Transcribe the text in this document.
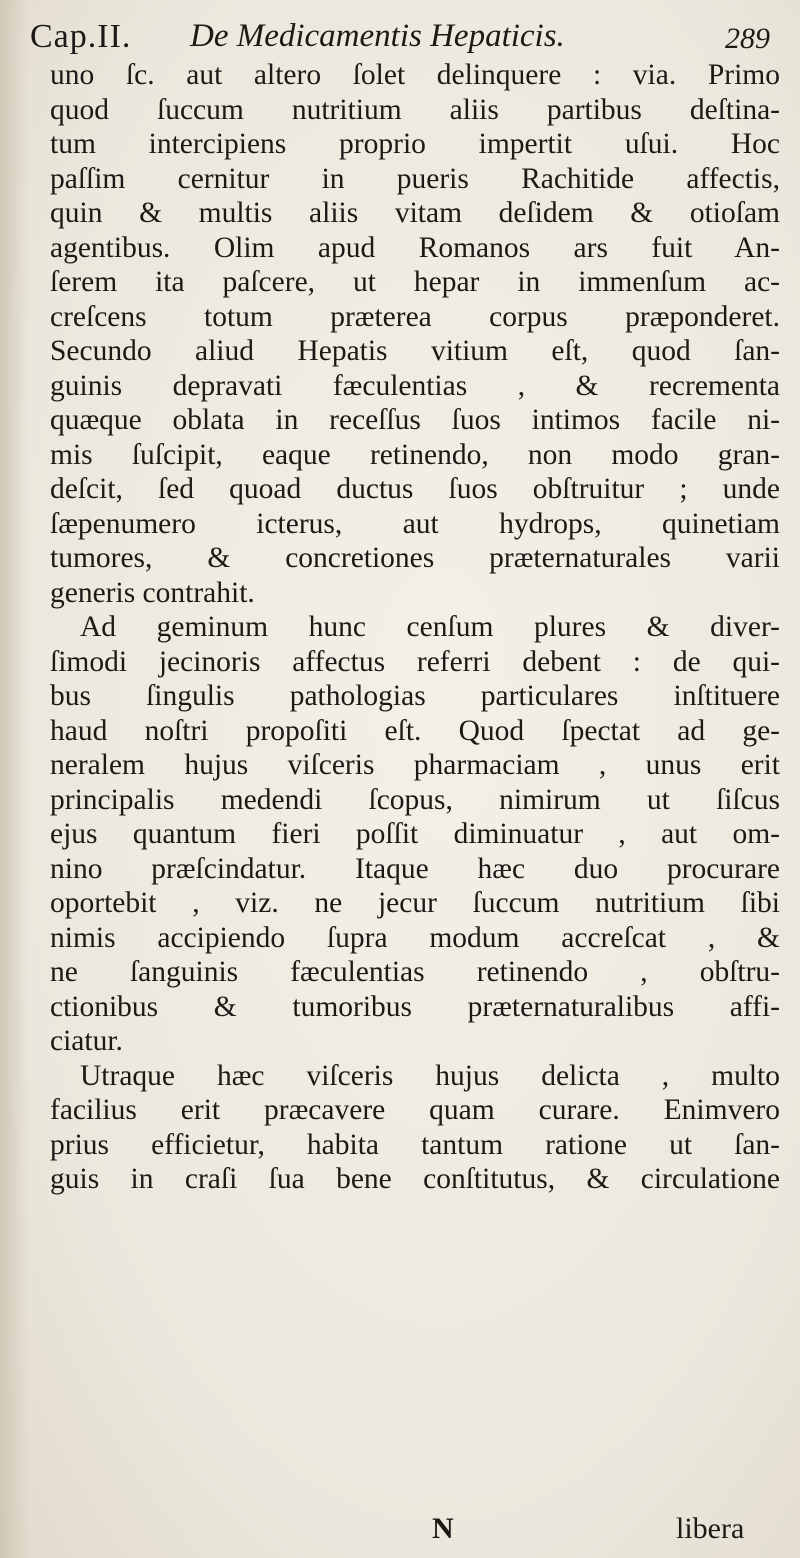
Cap.II. De Medicamentis Hepaticis.	289
uno ſc. aut altero ſolet delinquere : via. Primo
quod ſuccum nutritium aliis partibus deſtina-
tum intercipiens proprio impertit uſui. Hoc
paſſim cernitur in pueris Rachitide affectis,
quin & multis aliis vitam deſidem & otioſam
agentibus. Olim apud Romanos ars fuit An-
ſerem ita paſcere, ut hepar in immenſum ac-
creſcens totum præterea corpus præponderet.
Secundo aliud Hepatis vitium eſt, quod ſan-
guinis depravati fæculentias , & recrementa
quæque oblata in receſſus ſuos intimos facile ni-
mis ſuſcipit, eaque retinendo, non modo gran-
deſcit, ſed quoad ductus ſuos obſtruitur ; unde
ſæpenumero icterus, aut hydrops, quinetiam
tumores, & concretiones præternaturales varii
generis contrahit.
Ad geminum hunc cenſum plures & diver-
ſimodi jecinoris affectus referri debent : de qui-
bus ſingulis pathologias particulares inſtituere
haud noſtri propoſiti eſt. Quod ſpectat ad ge-
neralem hujus viſceris pharmaciam , unus erit
principalis medendi ſcopus, nimirum ut ſiſcus
ejus quantum fieri poſſit diminuatur , aut om-
nino præſcindatur. Itaque hæc duo procurare
oportebit , viz. ne jecur ſuccum nutritium ſibi
nimis accipiendo ſupra modum accreſcat , &
ne ſanguinis fæculentias retinendo , obſtru-
ctionibus & tumoribus præternaturalibus affi-
ciatur.
Utraque hæc viſceris hujus delicta , multo
facilius erit præcavere quam curare. Enimvero
prius efficietur, habita tantum ratione ut ſan-
guis in craſi ſua bene conſtitutus, & circulatione
N	libera
